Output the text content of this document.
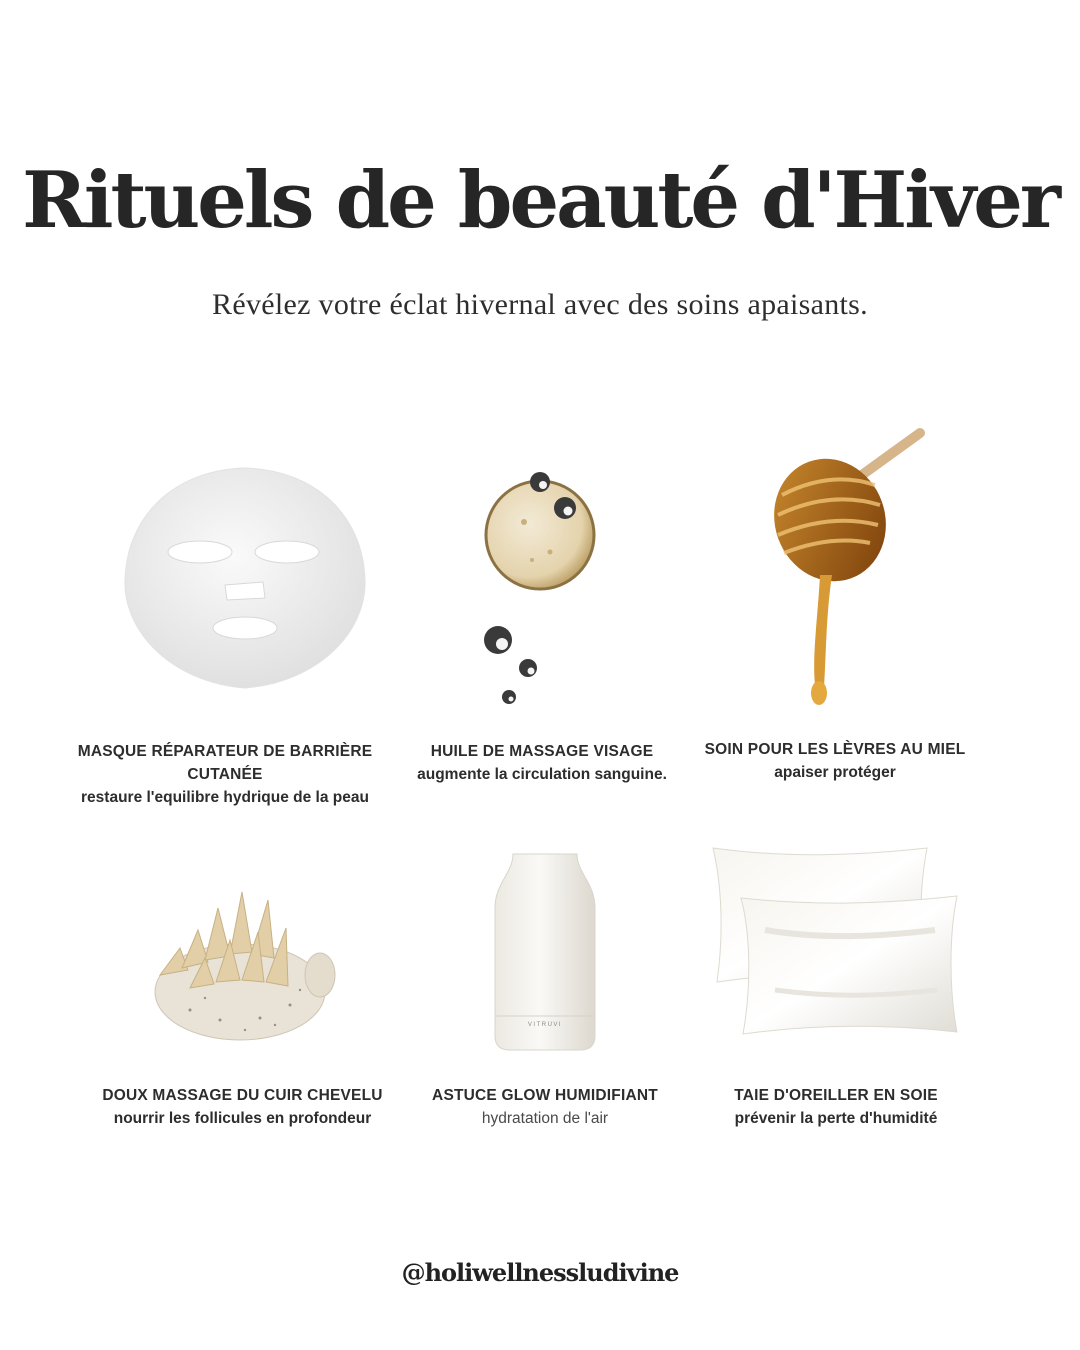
Rituels de beauté d'Hiver

Révélez votre éclat hivernal avec des soins apaisants.

MASQUE RÉPARATEUR DE BARRIÈRE CUTANÉE
restaure l'equilibre hydrique de la peau
HUILE DE MASSAGE VISAGE
augmente la circulation sanguine.
SOIN POUR LES LÈVRES AU MIEL
apaiser protéger
DOUX MASSAGE DU CUIR CHEVELU
nourrir les follicules en profondeur
VITRUVI
ASTUCE GLOW HUMIDIFIANT
hydratation de l'air
TAIE D'OREILLER EN SOIE
prévenir la perte d'humidité

@holiwellnessludivine
